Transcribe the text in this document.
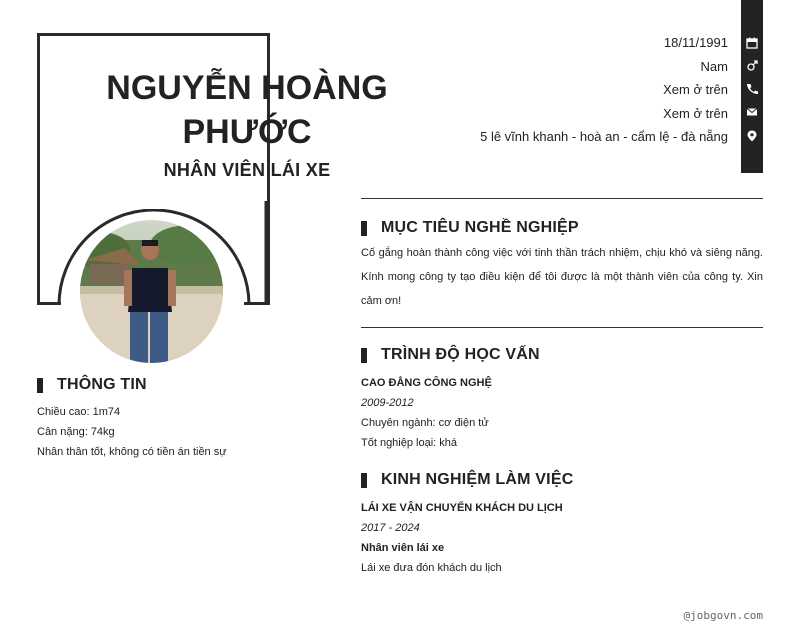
NGUYỄN HOÀNG
PHƯỚC
NHÂN VIÊN LÁI XE
18/11/1991
Nam
Xem ở trên
Xem ở trên
5 lê vĩnh khanh - hoà an - cẩm lệ - đà nẵng
THÔNG TIN
Chiều cao: 1m74
Cân nặng: 74kg
Nhân thân tốt, không có tiền án tiền sự
MỤC TIÊU NGHỀ NGHIỆP
Cố gắng hoàn thành công việc với tinh thần trách nhiệm, chịu khó và siêng năng. Kính mong công ty tạo điều kiện để tôi được là một thành viên của công ty. Xin cảm ơn!
TRÌNH ĐỘ HỌC VẤN
CAO ĐẲNG CÔNG NGHỆ
2009-2012
Chuyên ngành: cơ điện tử
Tốt nghiệp loại: khá
KINH NGHIỆM LÀM VIỆC
LÁI XE VẬN CHUYỂN KHÁCH DU LỊCH
2017 - 2024
Nhân viên lái xe
Lái xe đưa đón khách du lịch
@jobgovn.com
